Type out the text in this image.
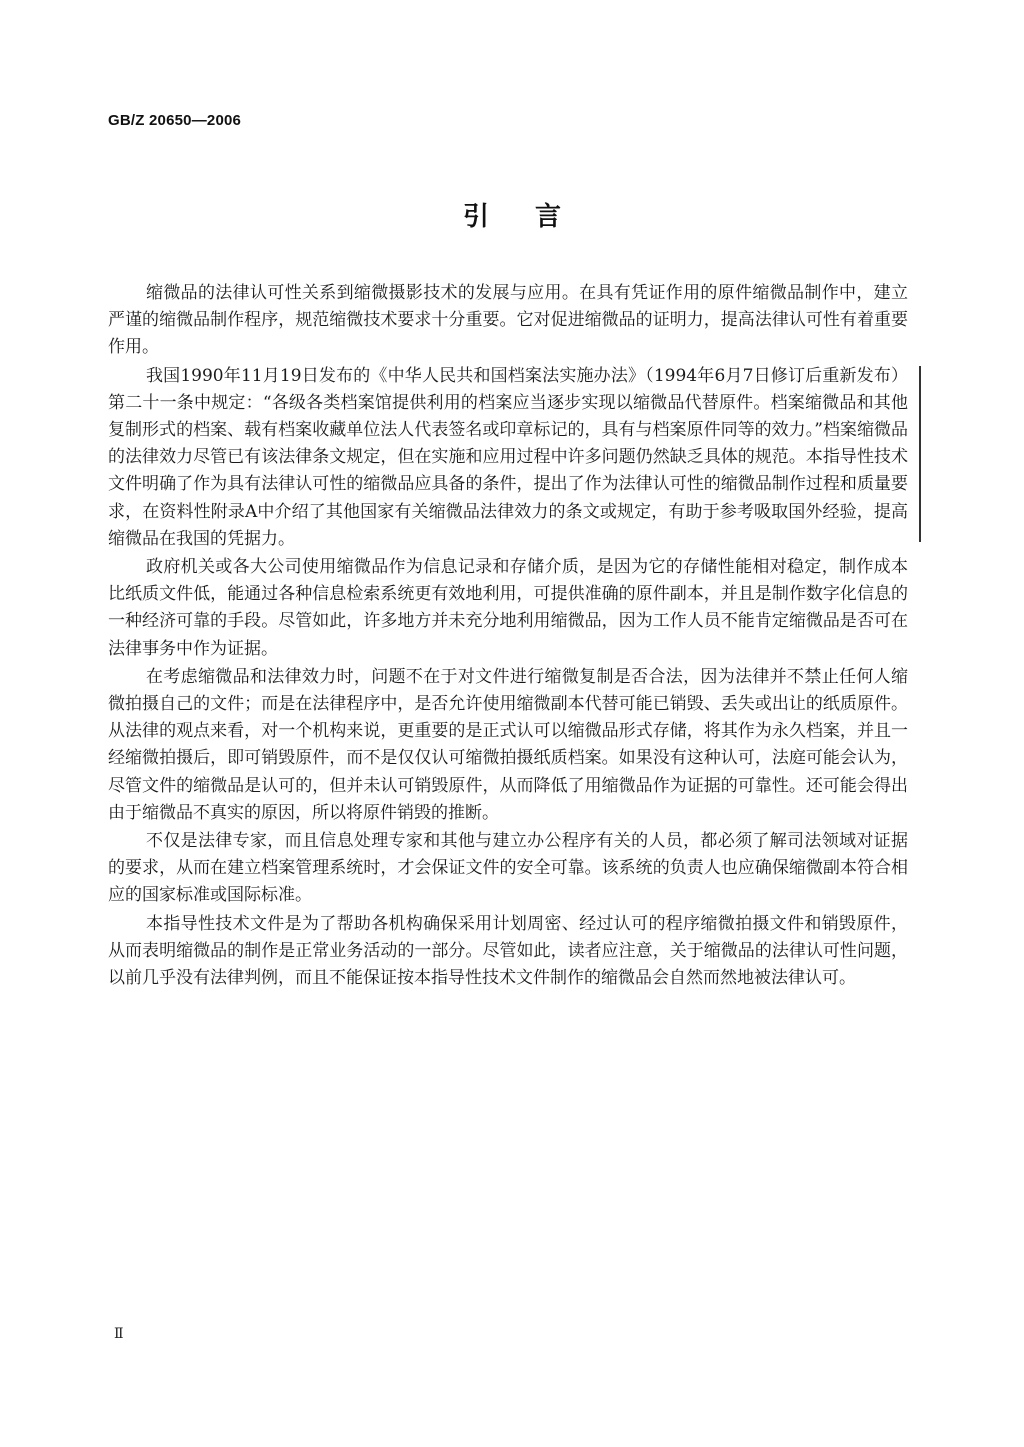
GB/Z 20650—2006
引言

缩微品的法律认可性关系到缩微摄影技术的发展与应用。在具有凭证作用的原件缩微品制作中，建立严谨的缩微品制作程序，规范缩微技术要求十分重要。它对促进缩微品的证明力，提高法律认可性有着重要作用。

我国1990年11月19日发布的《中华人民共和国档案法实施办法》（1994年6月7日修订后重新发布）第二十一条中规定：“各级各类档案馆提供利用的档案应当逐步实现以缩微品代替原件。档案缩微品和其他复制形式的档案、载有档案收藏单位法人代表签名或印章标记的，具有与档案原件同等的效力。”档案缩微品的法律效力尽管已有该法律条文规定，但在实施和应用过程中许多问题仍然缺乏具体的规范。本指导性技术文件明确了作为具有法律认可性的缩微品应具备的条件，提出了作为法律认可性的缩微品制作过程和质量要求，在资料性附录A中介绍了其他国家有关缩微品法律效力的条文或规定，有助于参考吸取国外经验，提高缩微品在我国的凭据力。

政府机关或各大公司使用缩微品作为信息记录和存储介质，是因为它的存储性能相对稳定，制作成本比纸质文件低，能通过各种信息检索系统更有效地利用，可提供准确的原件副本，并且是制作数字化信息的一种经济可靠的手段。尽管如此，许多地方并未充分地利用缩微品，因为工作人员不能肯定缩微品是否可在法律事务中作为证据。

在考虑缩微品和法律效力时，问题不在于对文件进行缩微复制是否合法，因为法律并不禁止任何人缩微拍摄自己的文件；而是在法律程序中，是否允许使用缩微副本代替可能已销毁、丢失或出让的纸质原件。从法律的观点来看，对一个机构来说，更重要的是正式认可以缩微品形式存储，将其作为永久档案，并且一经缩微拍摄后，即可销毁原件，而不是仅仅认可缩微拍摄纸质档案。如果没有这种认可，法庭可能会认为，尽管文件的缩微品是认可的，但并未认可销毁原件，从而降低了用缩微品作为证据的可靠性。还可能会得出由于缩微品不真实的原因，所以将原件销毁的推断。

不仅是法律专家，而且信息处理专家和其他与建立办公程序有关的人员，都必须了解司法领域对证据的要求，从而在建立档案管理系统时，才会保证文件的安全可靠。该系统的负责人也应确保缩微副本符合相应的国家标准或国际标准。

本指导性技术文件是为了帮助各机构确保采用计划周密、经过认可的程序缩微拍摄文件和销毁原件，从而表明缩微品的制作是正常业务活动的一部分。尽管如此，读者应注意，关于缩微品的法律认可性问题，以前几乎没有法律判例，而且不能保证按本指导性技术文件制作的缩微品会自然而然地被法律认可。

Ⅱ
